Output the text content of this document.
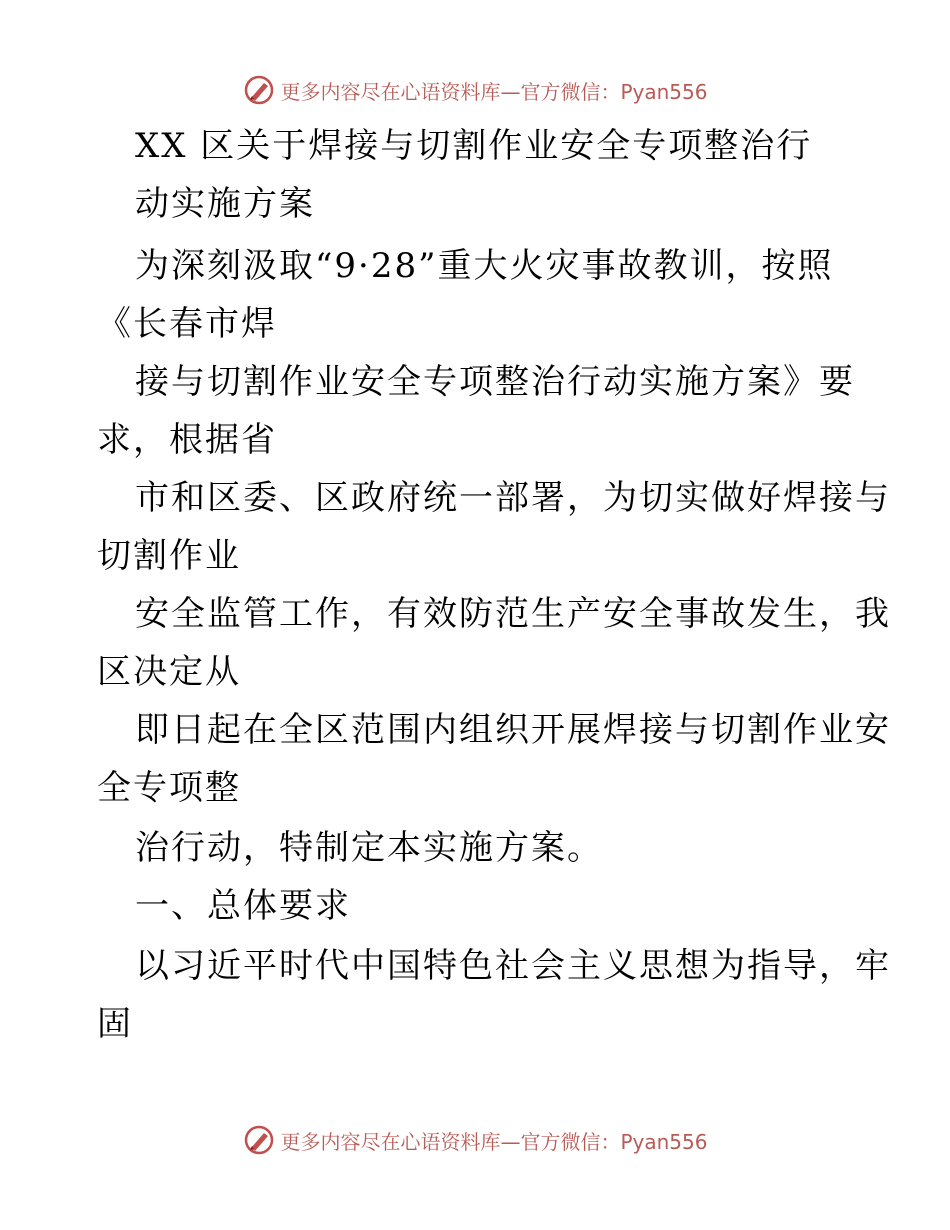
更多内容尽在心语资料库—官方微信：Pyan556
XX 区关于焊接与切割作业安全专项整治行
动实施方案
为深刻汲取“9·28”重大火灾事故教训，按照
《长春市焊
接与切割作业安全专项整治行动实施方案》要
求，根据省
市和区委、区政府统一部署，为切实做好焊接与
切割作业
安全监管工作，有效防范生产安全事故发生，我
区决定从
即日起在全区范围内组织开展焊接与切割作业安
全专项整
治行动，特制定本实施方案。
一、总体要求
以习近平时代中国特色社会主义思想为指导，牢
固
更多内容尽在心语资料库—官方微信：Pyan556
